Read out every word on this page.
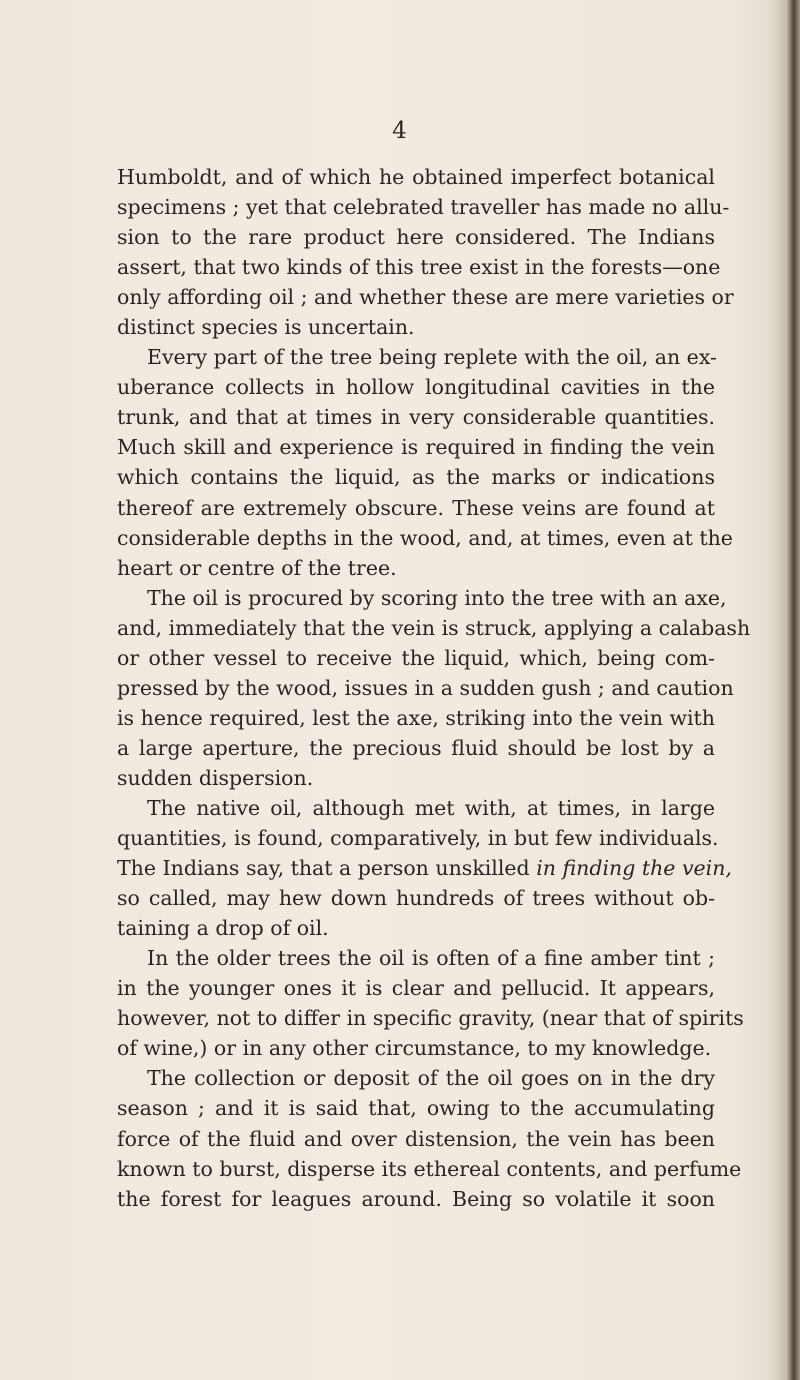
4
Humboldt, and of which he obtained imperfect botanical
specimens ; yet that celebrated traveller has made no allu-
sion to the rare product here considered. The Indians
assert, that two kinds of this tree exist in the forests—one
only affording oil ; and whether these are mere varieties or
distinct species is uncertain.
Every part of the tree being replete with the oil, an ex-
uberance collects in hollow longitudinal cavities in the
trunk, and that at times in very considerable quantities.
Much skill and experience is required in finding the vein
which contains the liquid, as the marks or indications
thereof are extremely obscure. These veins are found at
considerable depths in the wood, and, at times, even at the
heart or centre of the tree.
The oil is procured by scoring into the tree with an axe,
and, immediately that the vein is struck, applying a calabash
or other vessel to receive the liquid, which, being com-
pressed by the wood, issues in a sudden gush ; and caution
is hence required, lest the axe, striking into the vein with
a large aperture, the precious fluid should be lost by a
sudden dispersion.
The native oil, although met with, at times, in large
quantities, is found, comparatively, in but few individuals.
The Indians say, that a person unskilled in finding the vein,
so called, may hew down hundreds of trees without ob-
taining a drop of oil.
In the older trees the oil is often of a fine amber tint ;
in the younger ones it is clear and pellucid. It appears,
however, not to differ in specific gravity, (near that of spirits
of wine,) or in any other circumstance, to my knowledge.
The collection or deposit of the oil goes on in the dry
season ; and it is said that, owing to the accumulating
force of the fluid and over distension, the vein has been
known to burst, disperse its ethereal contents, and perfume
the forest for leagues around. Being so volatile it soon
